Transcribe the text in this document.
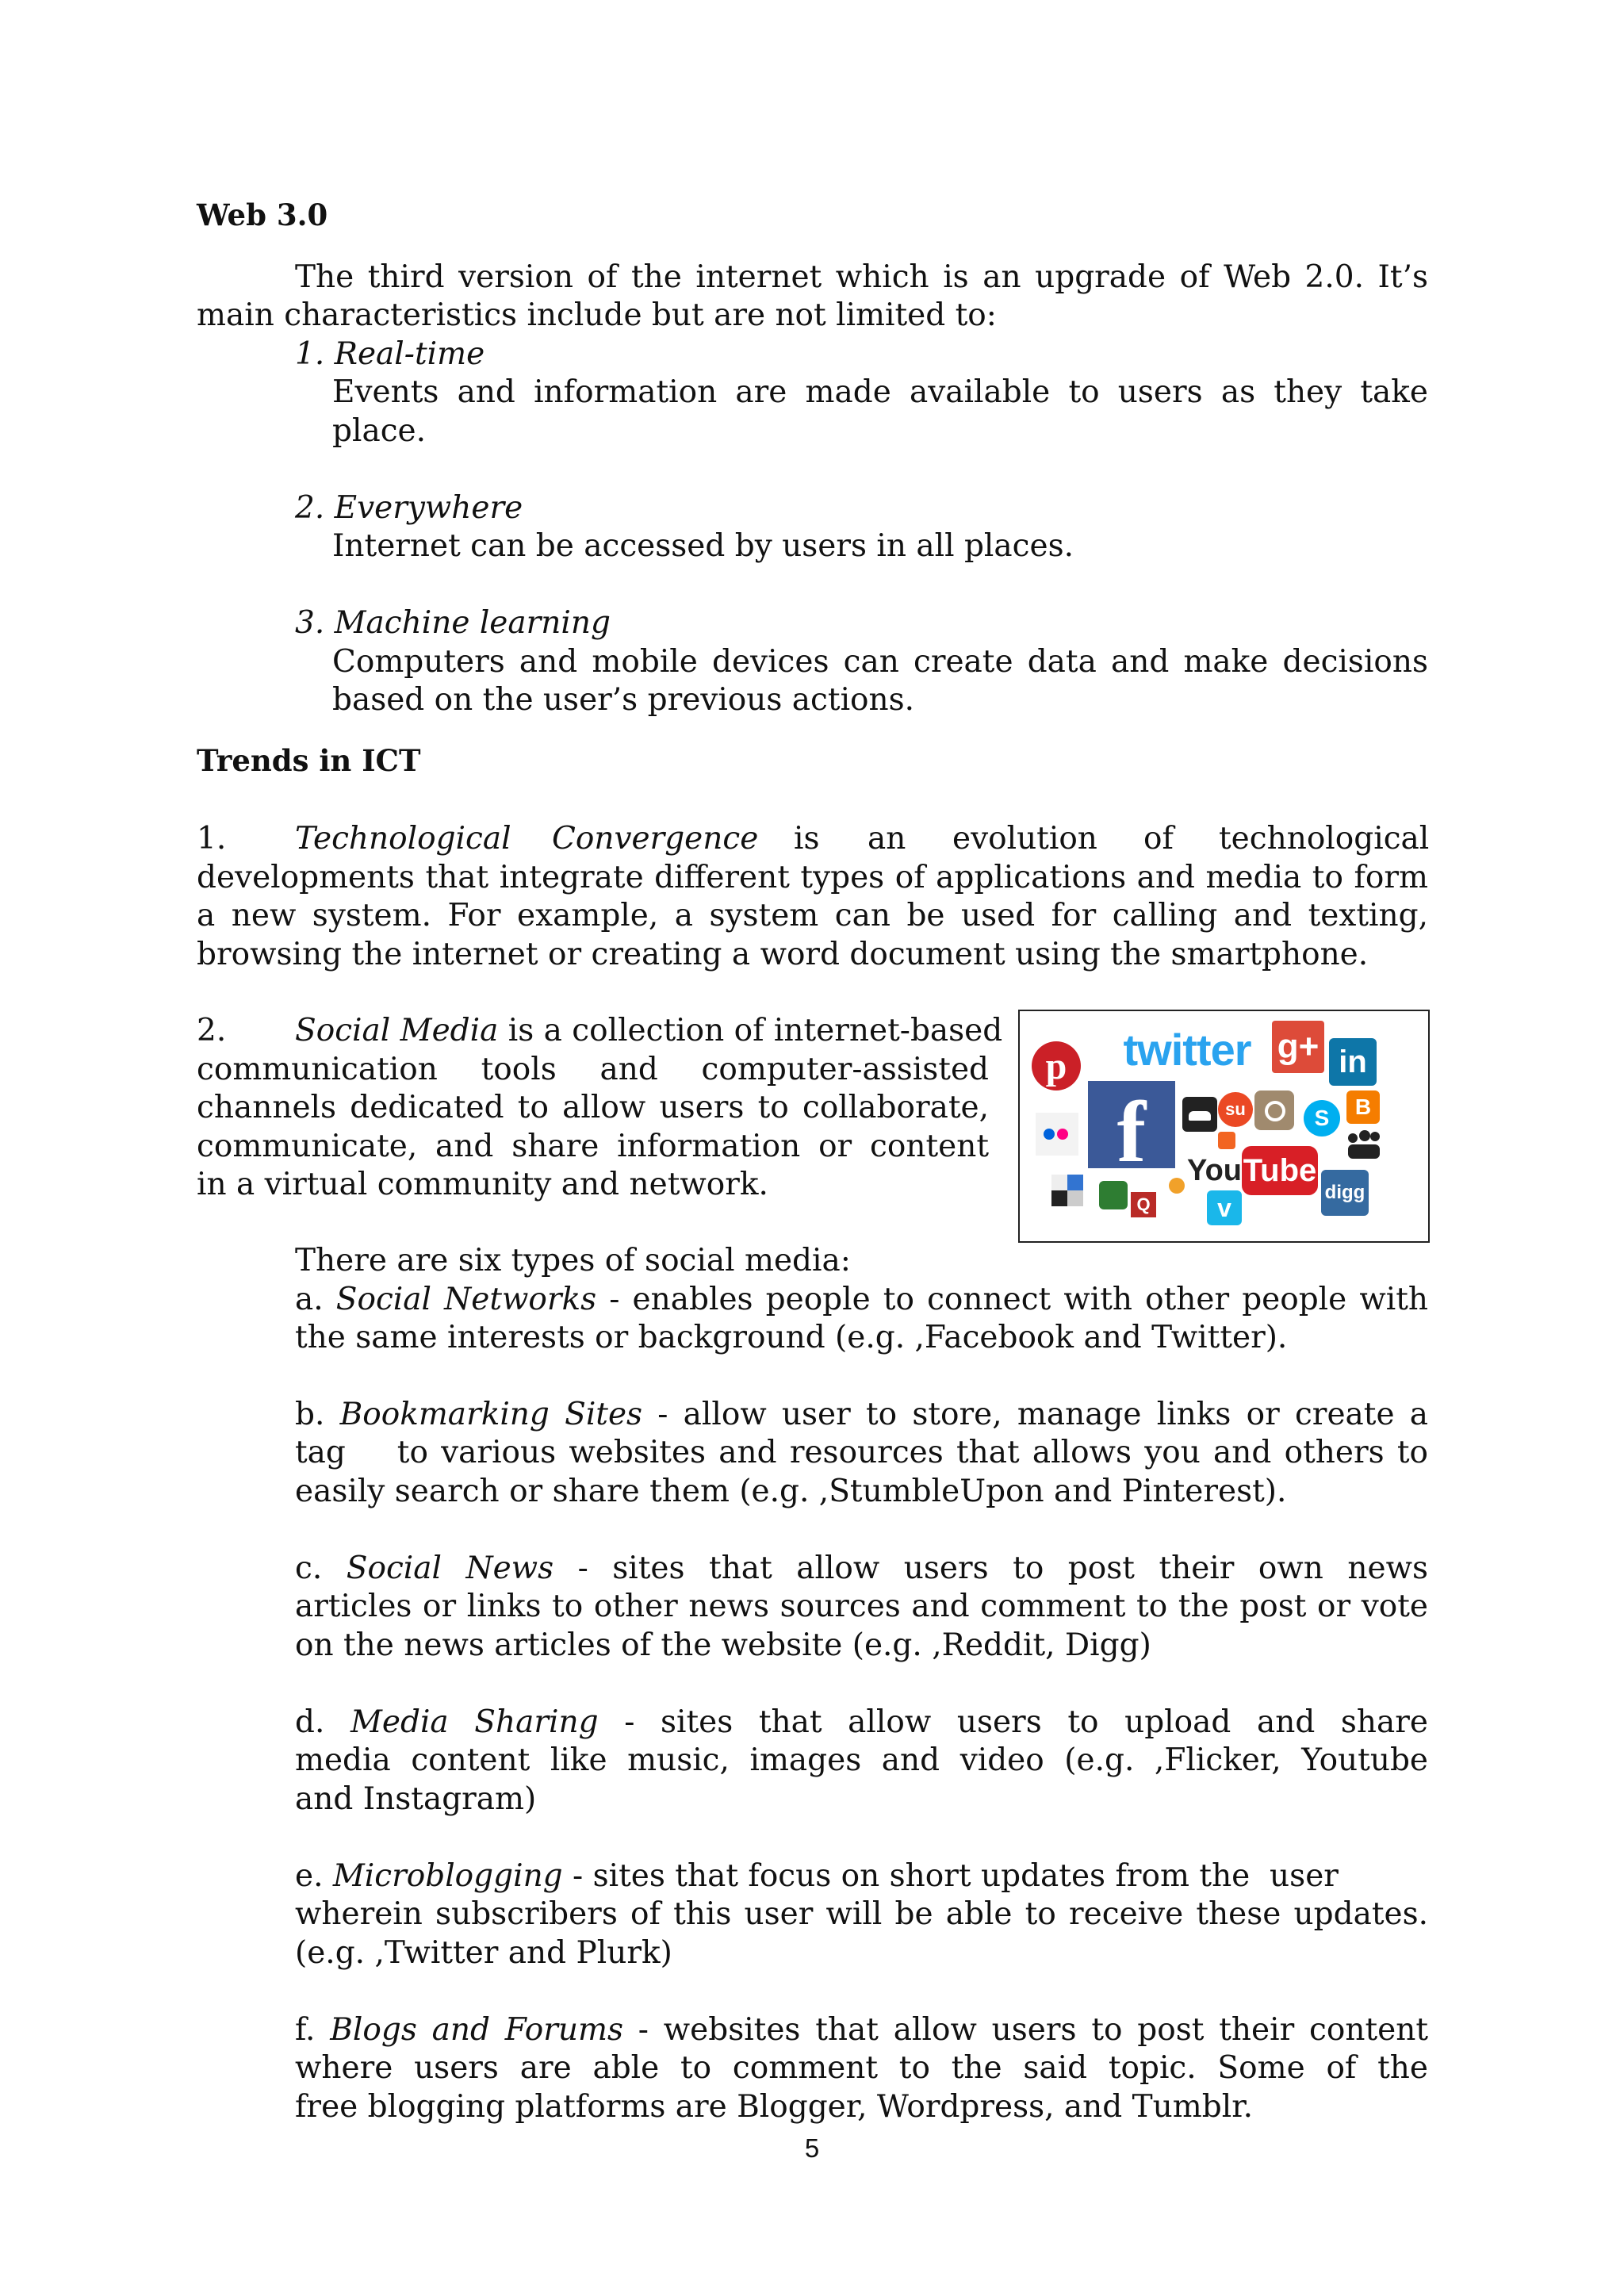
Web 3.0
The third version of the internet which is an upgrade of Web 2.0. It’s
main characteristics include but are not limited to:
1. Real-time
Events and information are made available to users as they take
place.
2. Everywhere
Internet can be accessed by users in all places.
3. Machine learning
Computers and mobile devices can create data and make decisions
based on the user’s previous actions.
Trends in ICT
1. Technological Convergence is an evolution of technological
developments that integrate different types of applications and media to form
a new system. For example, a system can be used for calling and texting,
browsing the internet or creating a word document using the smartphone.
2. Social Media is a collection of internet-based
communication tools and computer-assisted
channels dedicated to allow users to collaborate,
communicate, and share information or content
in a virtual community and network.
p	twitter g+ in
f	su	S	B
You Tube
Q	v
digg
There are six types of social media:
a. Social Networks - enables people to connect with other people with
the same interests or background (e.g. ,Facebook and Twitter).
b. Bookmarking Sites - allow user to store, manage links or create a
tag    to various websites and resources that allows you and others to
easily search or share them (e.g. ,StumbleUpon and Pinterest).
c. Social News - sites that allow users to post their own news
articles or links to other news sources and comment to the post or vote
on the news articles of the website (e.g. ,Reddit, Digg)
d. Media Sharing - sites that allow users to upload and share
media content like music, images and video (e.g. ,Flicker, Youtube
and Instagram)
e. Microblogging - sites that focus on short updates from the  user
wherein subscribers of this user will be able to receive these updates.
(e.g. ,Twitter and Plurk)
f. Blogs and Forums - websites that allow users to post their content
where users are able to comment to the said topic. Some of the
free blogging platforms are Blogger, Wordpress, and Tumblr.
5
